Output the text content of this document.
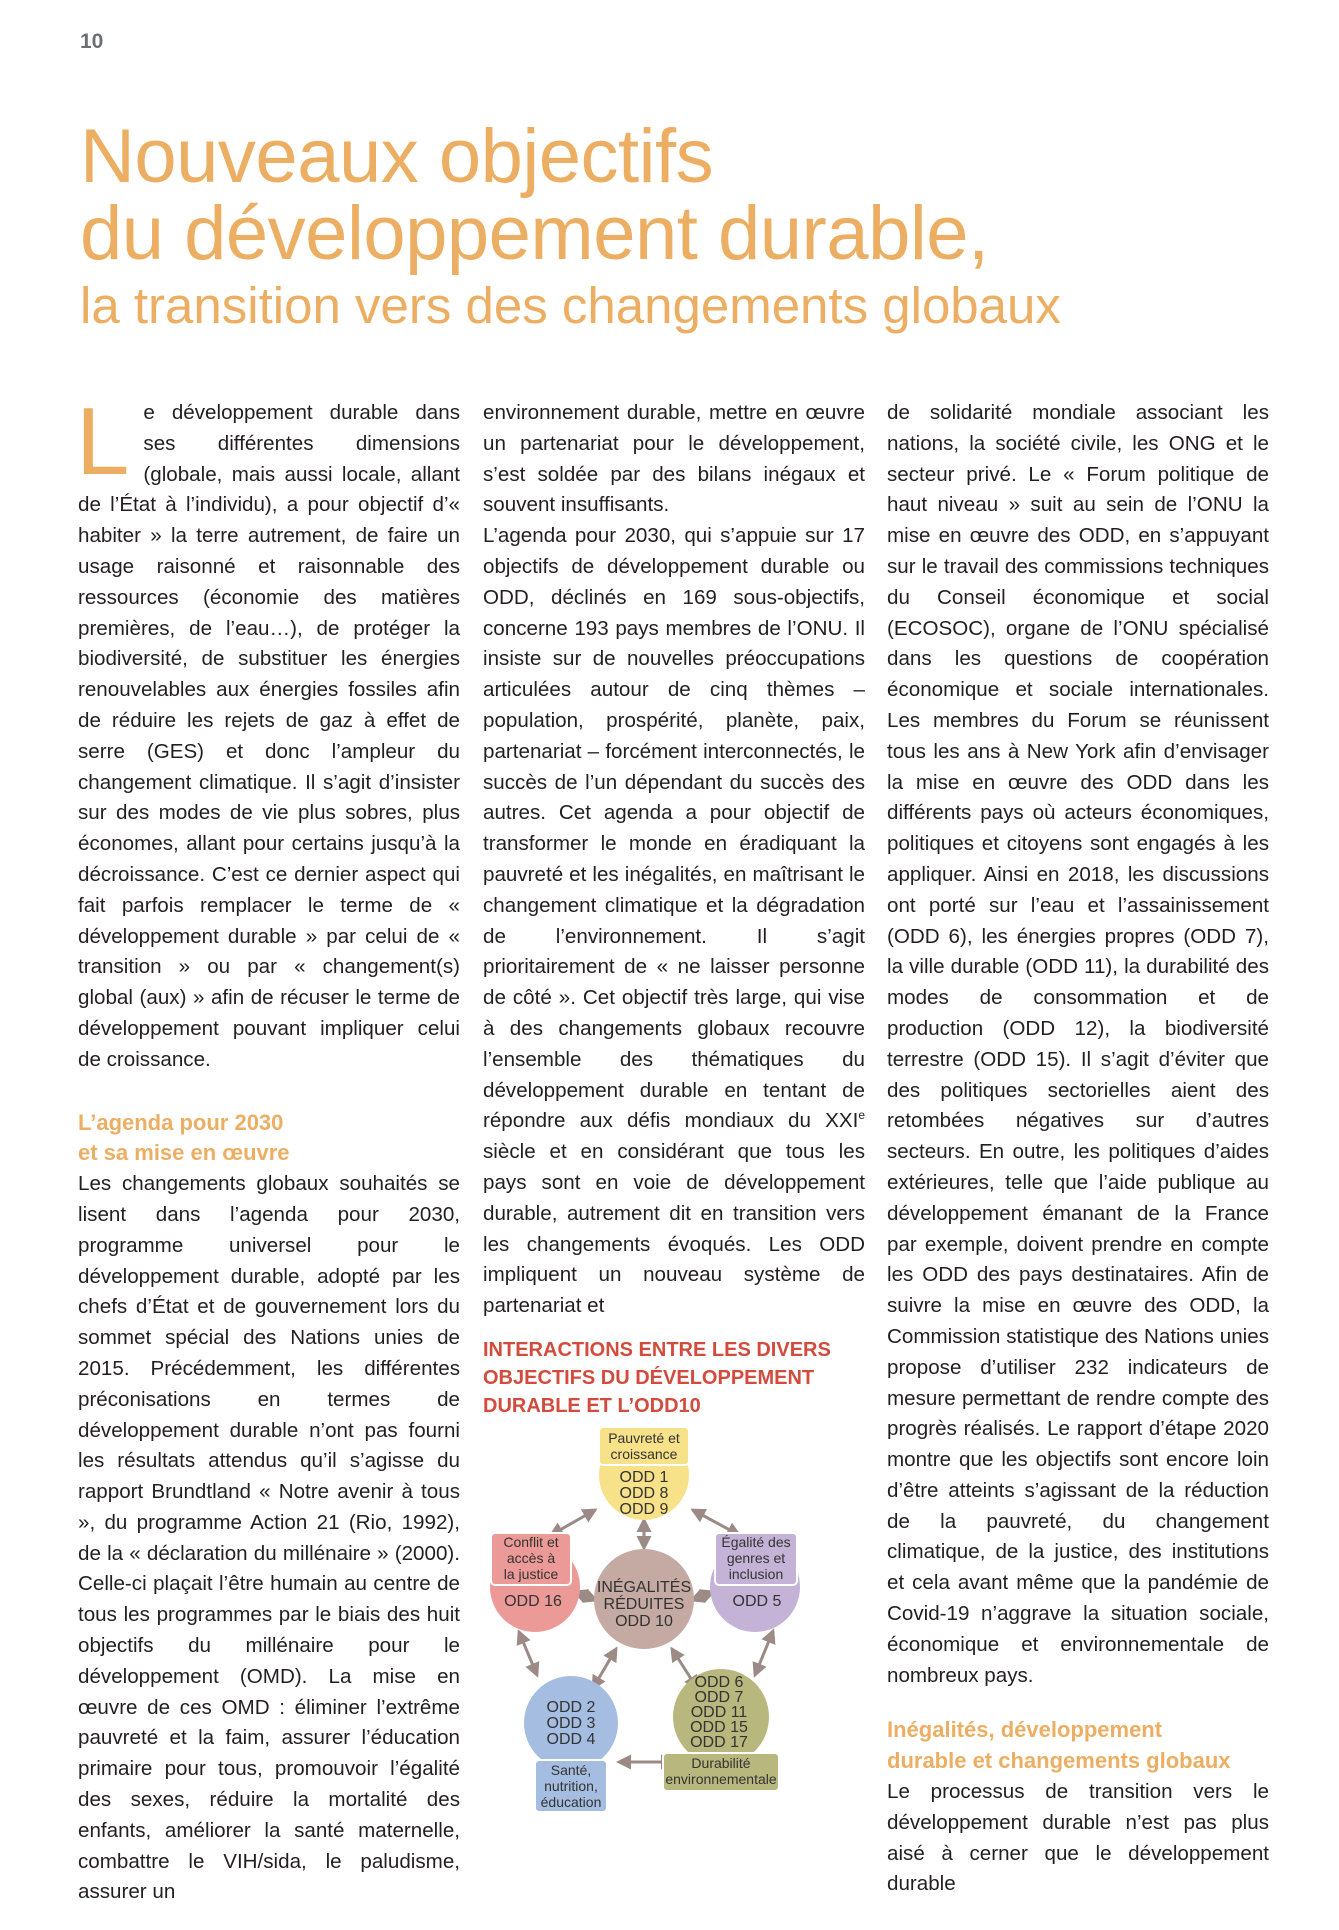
10
Nouveaux objectifs
du développement durable,
la transition vers des changements globaux

Le développement durable dans ses différentes dimensions (globale, mais aussi locale, allant de l’État à l’individu), a pour objectif d’« habiter » la terre autrement, de faire un usage raisonné et raisonnable des ressources (économie des matières premières, de l’eau…), de protéger la biodiversité, de substituer les énergies renouvelables aux énergies fossiles afin de réduire les rejets de gaz à effet de serre (GES) et donc l’ampleur du changement climatique. Il s’agit d’insister sur des modes de vie plus sobres, plus économes, allant pour certains jusqu’à la décroissance. C’est ce dernier aspect qui fait parfois remplacer le terme de « développement durable » par celui de « transition » ou par « changement(s) global (aux) » afin de récuser le terme de développement pouvant impliquer celui de croissance.

L’agenda pour 2030
et sa mise en œuvre

Les changements globaux souhaités se lisent dans l’agenda pour 2030, programme universel pour le développement durable, adopté par les chefs d’État et de gouvernement lors du sommet spécial des Nations unies de 2015. Précédemment, les différentes préconisations en termes de développement durable n’ont pas fourni les résultats attendus qu’il s’agisse du rapport Brundtland « Notre avenir à tous », du programme Action 21 (Rio, 1992), de la « déclaration du millénaire » (2000). Celle-ci plaçait l’être humain au centre de tous les programmes par le biais des huit objectifs du millénaire pour le développement (OMD). La mise en œuvre de ces OMD : éliminer l’extrême pauvreté et la faim, assurer l’éducation primaire pour tous, promouvoir l’égalité des sexes, réduire la mortalité des enfants, améliorer la santé maternelle, combattre le VIH/sida, le paludisme, assurer un

environnement durable, mettre en œuvre un partenariat pour le développement, s’est soldée par des bilans inégaux et souvent insuffisants.

L’agenda pour 2030, qui s’appuie sur 17 objectifs de développement durable ou ODD, déclinés en 169 sous-objectifs, concerne 193 pays membres de l’ONU. Il insiste sur de nouvelles préoccupations articulées autour de cinq thèmes – population, prospérité, planète, paix, partenariat – forcément interconnectés, le succès de l’un dépendant du succès des autres. Cet agenda a pour objectif de transformer le monde en éradiquant la pauvreté et les inégalités, en maîtrisant le changement climatique et la dégradation de l’environnement. Il s’agit prioritairement de « ne laisser personne de côté ». Cet objectif très large, qui vise à des changements globaux recouvre l’ensemble des thématiques du développement durable en tentant de répondre aux défis mondiaux du XXIe siècle et en considérant que tous les pays sont en voie de développement durable, autrement dit en transition vers les changements évoqués. Les ODD impliquent un nouveau système de partenariat et

de solidarité mondiale associant les nations, la société civile, les ONG et le secteur privé. Le « Forum politique de haut niveau » suit au sein de l’ONU la mise en œuvre des ODD, en s’appuyant sur le travail des commissions techniques du Conseil économique et social (ECOSOC), organe de l’ONU spécialisé dans les questions de coopération économique et sociale internationales. Les membres du Forum se réunissent tous les ans à New York afin d’envisager la mise en œuvre des ODD dans les différents pays où acteurs économiques, politiques et citoyens sont engagés à les appliquer. Ainsi en 2018, les discussions ont porté sur l’eau et l’assainissement (ODD 6), les énergies propres (ODD 7), la ville durable (ODD 11), la durabilité des modes de consommation et de production (ODD 12), la biodiversité terrestre (ODD 15). Il s’agit d’éviter que des politiques sectorielles aient des retombées négatives sur d’autres secteurs. En outre, les politiques d’aides extérieures, telle que l’aide publique au développement émanant de la France par exemple, doivent prendre en compte les ODD des pays destinataires. Afin de suivre la mise en œuvre des ODD, la Commission statistique des Nations unies propose d’utiliser 232 indicateurs de mesure permettant de rendre compte des progrès réalisés. Le rapport d’étape 2020 montre que les objectifs sont encore loin d’être atteints s’agissant de la réduction de la pauvreté, du changement climatique, de la justice, des institutions et cela avant même que la pandémie de Covid-19 n’aggrave la situation sociale, économique et environnementale de nombreux pays.

Inégalités, développement
durable et changements globaux

Le processus de transition vers le développement durable n’est pas plus aisé à cerner que le développement durable

INTERACTIONS ENTRE LES DIVERS
OBJECTIFS DU DÉVELOPPEMENT
DURABLE ET L’ODD10
Pauvreté et
croissance
ODD 1
ODD 8
ODD 9
Conflit et
accès à
la justice
ODD 16
Égalité des
genres et
inclusion
ODD 5
INÉGALITÉS
RÉDUITES
ODD 10
ODD 2
ODD 3
ODD 4
Santé,
nutrition,
éducation
ODD 6
ODD 7
ODD 11
ODD 15
ODD 17
Durabilité
environnementale
